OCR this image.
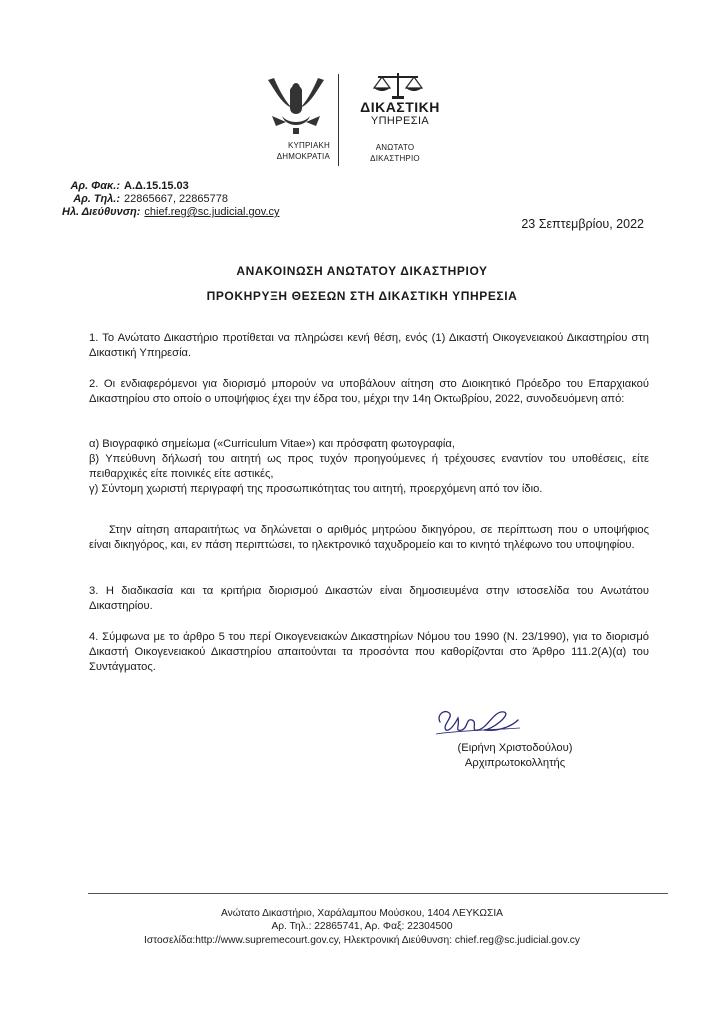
ΚΥΠΡΙΑΚΗ
ΔΗΜΟΚΡΑΤΙΑ
ΔΙΚΑΣΤΙΚΗ
ΥΠΗΡΕΣΙΑ
ΑΝΩΤΑΤΟ
ΔΙΚΑΣΤΗΡΙΟ
Αρ. Φακ.: Α.Δ.15.15.03
Αρ. Τηλ.: 22865667, 22865778
Ηλ. Διεύθυνση: chief.reg@sc.judicial.gov.cy
23 Σεπτεμβρίου, 2022
ΑΝΑΚΟΙΝΩΣΗ ΑΝΩΤΑΤΟΥ ΔΙΚΑΣΤΗΡΙΟΥ
ΠΡΟΚΗΡΥΞΗ ΘΕΣΕΩΝ ΣΤΗ ΔΙΚΑΣΤΙΚΗ ΥΠΗΡΕΣΙΑ

1. Το Ανώτατο Δικαστήριο προτίθεται να πληρώσει κενή θέση, ενός (1) Δικαστή Οικογενειακού Δικαστηρίου στη Δικαστική Υπηρεσία.

2. Οι ενδιαφερόμενοι για διορισμό μπορούν να υποβάλουν αίτηση στο Διοικητικό Πρόεδρο του Επαρχιακού Δικαστηρίου στο οποίο ο υποψήφιος έχει την έδρα του, μέχρι την 14η Οκτωβρίου, 2022, συνοδευόμενη από:

α) Βιογραφικό σημείωμα («Curriculum Vitae») και πρόσφατη φωτογραφία,

β) Υπεύθυνη δήλωσή του αιτητή ως προς τυχόν προηγούμενες ή τρέχουσες εναντίον του υποθέσεις, είτε πειθαρχικές είτε ποινικές είτε αστικές,

γ) Σύντομη χωριστή περιγραφή της προσωπικότητας του αιτητή, προερχόμενη από τον ίδιο.

Στην αίτηση απαραιτήτως να δηλώνεται ο αριθμός μητρώου δικηγόρου, σε περίπτωση που ο υποψήφιος είναι δικηγόρος, και, εν πάση περιπτώσει, το ηλεκτρονικό ταχυδρομείο και το κινητό τηλέφωνο του υποψηφίου.

3. Η διαδικασία και τα κριτήρια διορισμού Δικαστών είναι δημοσιευμένα στην ιστοσελίδα του Ανωτάτου Δικαστηρίου.

4. Σύμφωνα με το άρθρο 5 του περί Οικογενειακών Δικαστηρίων Νόμου του 1990 (Ν. 23/1990), για το διορισμό Δικαστή Οικογενειακού Δικαστηρίου απαιτούνται τα προσόντα που καθορίζονται στο Άρθρο 111.2(Α)(α) του Συντάγματος.

(Ειρήνη Χριστοδούλου)
Αρχιπρωτοκολλητής
Ανώτατο Δικαστήριο, Χαράλαμπου Μούσκου, 1404 ΛΕΥΚΩΣΙΑ
Αρ. Τηλ.: 22865741, Αρ. Φαξ: 22304500
Ιστοσελίδα:http://www.supremecourt.gov.cy, Ηλεκτρονική Διεύθυνση: chief.reg@sc.judicial.gov.cy
